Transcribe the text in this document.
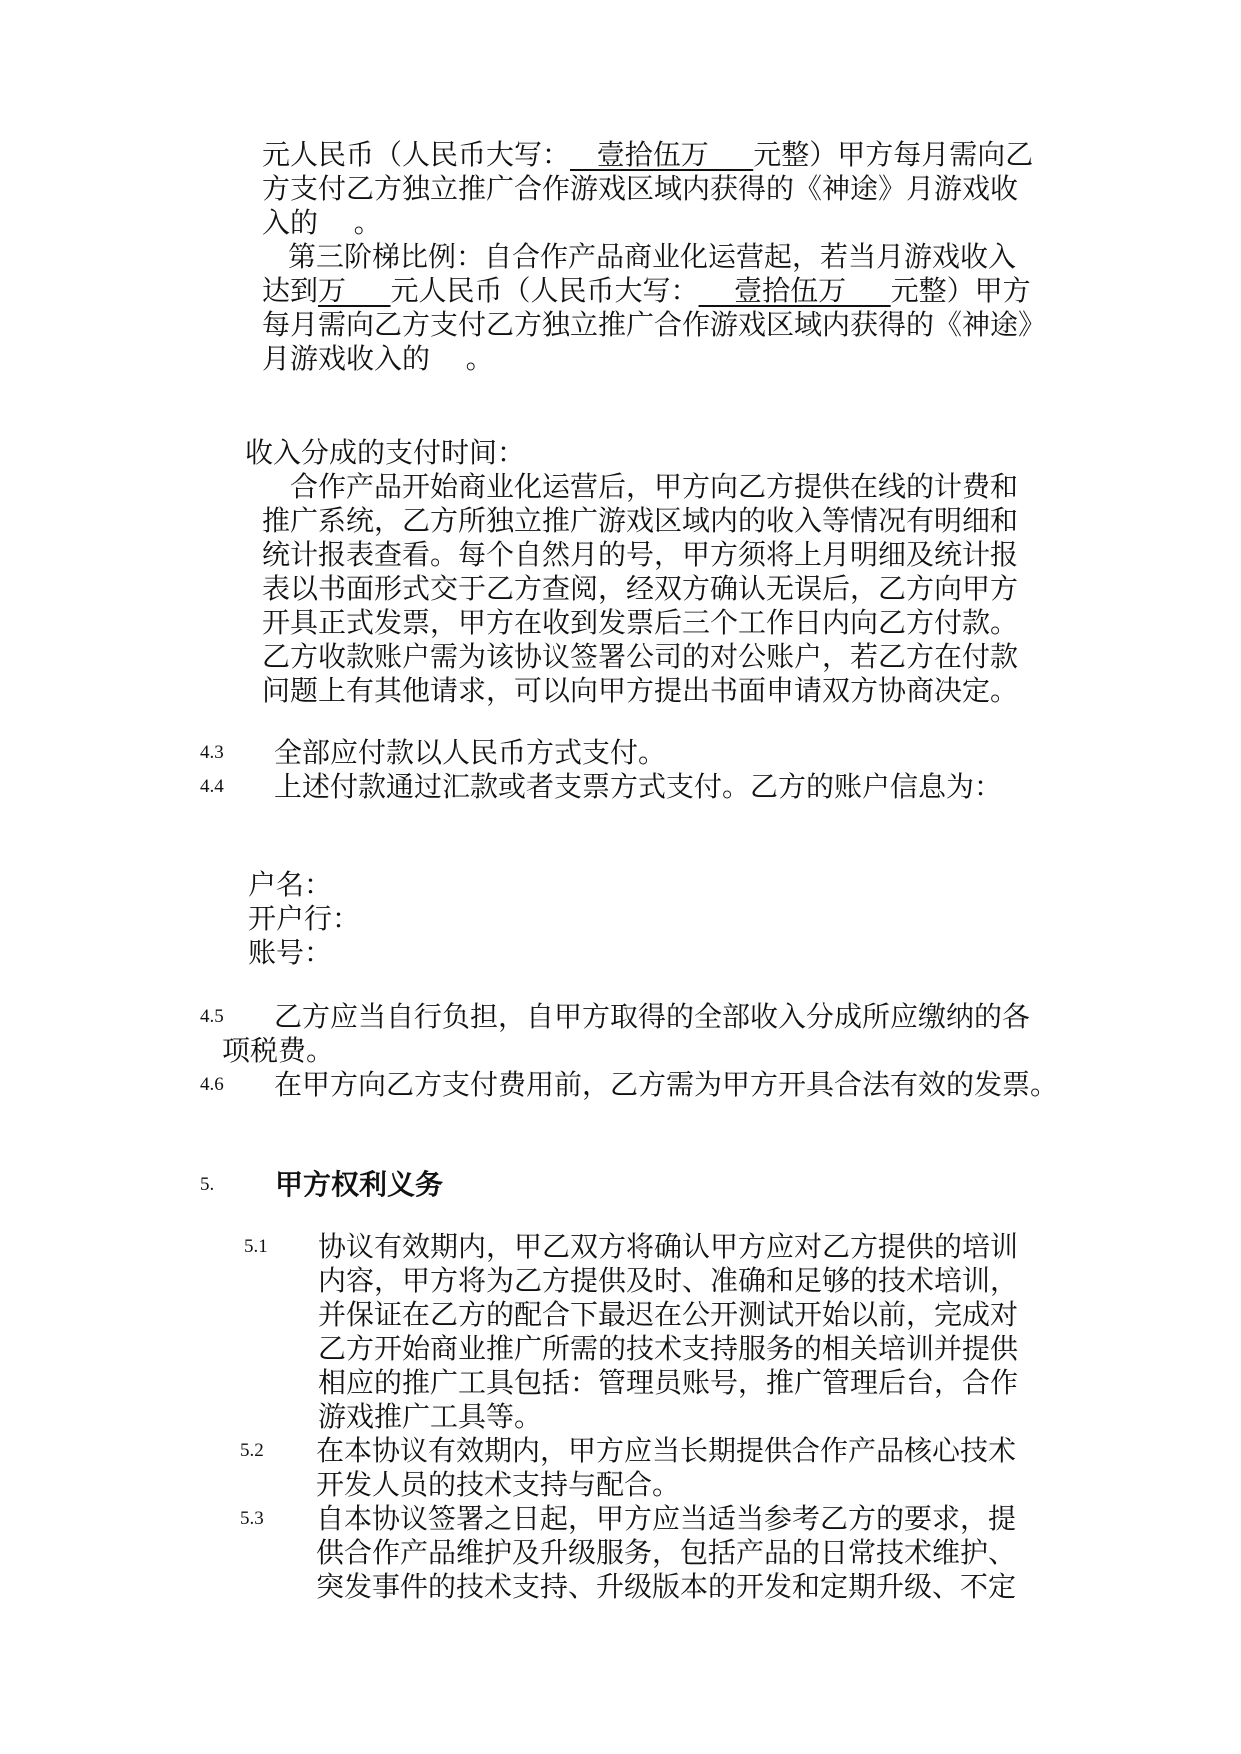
元人民币（人民币大写：   壹拾伍万     元整）甲方每月需向乙
方支付乙方独立推广合作游戏区域内获得的《神途》月游戏收
入的    。
第三阶梯比例：自合作产品商业化运营起，若当月游戏收入
达到万     元人民币（人民币大写：    壹拾伍万     元整）甲方
每月需向乙方支付乙方独立推广合作游戏区域内获得的《神途》
月游戏收入的    。
收入分成的支付时间：
合作产品开始商业化运营后，甲方向乙方提供在线的计费和
推广系统，乙方所独立推广游戏区域内的收入等情况有明细和
统计报表查看。每个自然月的号，甲方须将上月明细及统计报
表以书面形式交于乙方查阅，经双方确认无误后，乙方向甲方
开具正式发票，甲方在收到发票后三个工作日内向乙方付款。
乙方收款账户需为该协议签署公司的对公账户，若乙方在付款
问题上有其他请求，可以向甲方提出书面申请双方协商决定。
4.3 全部应付款以人民币方式支付。
4.4 上述付款通过汇款或者支票方式支付。乙方的账户信息为：
户名：
开户行：
账号：
4.5 乙方应当自行负担，自甲方取得的全部收入分成所应缴纳的各
项税费。
4.6 在甲方向乙方支付费用前，乙方需为甲方开具合法有效的发票。
5. 甲方权利义务
5.1 协议有效期内，甲乙双方将确认甲方应对乙方提供的培训
内容，甲方将为乙方提供及时、准确和足够的技术培训，
并保证在乙方的配合下最迟在公开测试开始以前，完成对
乙方开始商业推广所需的技术支持服务的相关培训并提供
相应的推广工具包括：管理员账号，推广管理后台，合作
游戏推广工具等。
5.2 在本协议有效期内，甲方应当长期提供合作产品核心技术
开发人员的技术支持与配合。
5.3 自本协议签署之日起，甲方应当适当参考乙方的要求，提
供合作产品维护及升级服务，包括产品的日常技术维护、
突发事件的技术支持、升级版本的开发和定期升级、不定
